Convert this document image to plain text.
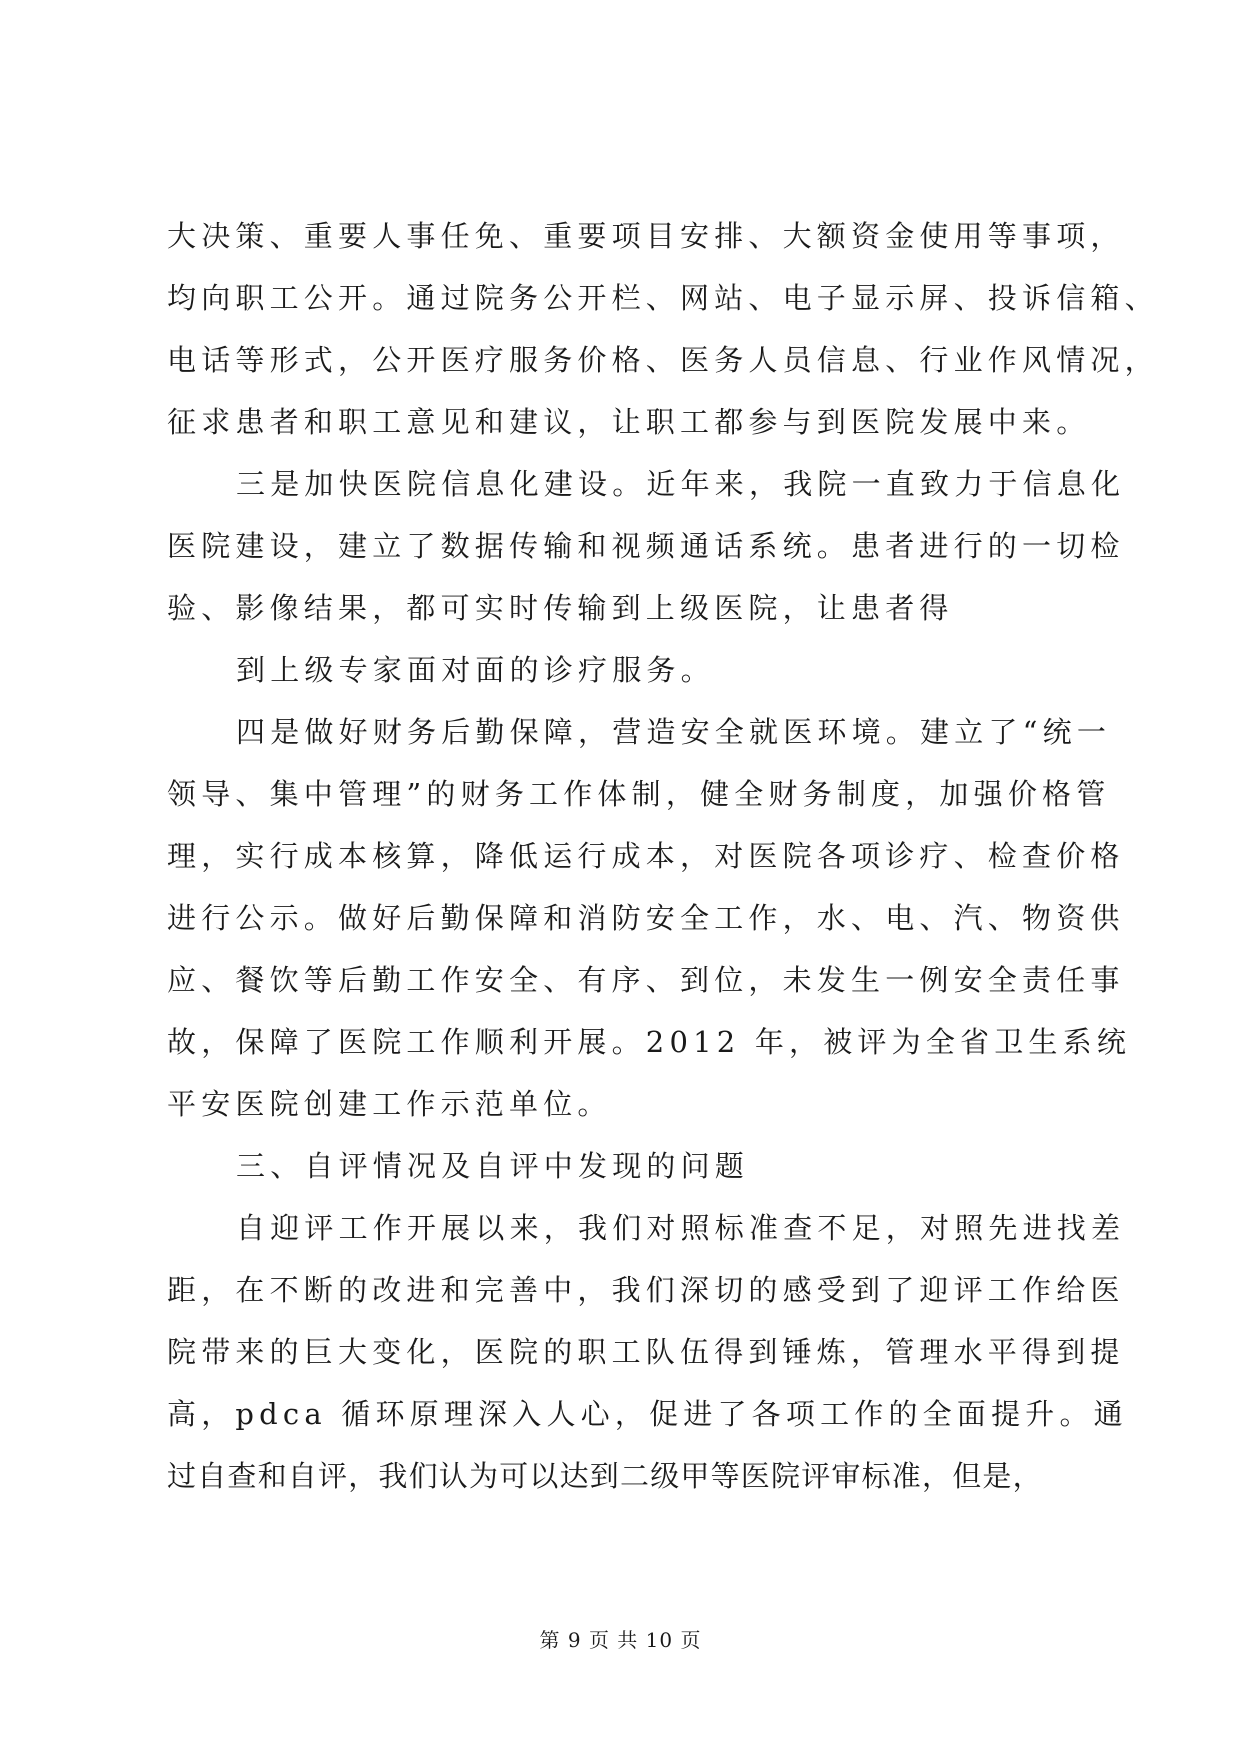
大决策、重要人事任免、重要项目安排、大额资金使用等事项，
均向职工公开。通过院务公开栏、网站、电子显示屏、投诉信箱、
电话等形式，公开医疗服务价格、医务人员信息、行业作风情况，
征求患者和职工意见和建议，让职工都参与到医院发展中来。
三是加快医院信息化建设。近年来，我院一直致力于信息化
医院建设，建立了数据传输和视频通话系统。患者进行的一切检
验、影像结果，都可实时传输到上级医院，让患者得
到上级专家面对面的诊疗服务。
四是做好财务后勤保障，营造安全就医环境。建立了“统一
领导、集中管理”的财务工作体制，健全财务制度，加强价格管
理，实行成本核算，降低运行成本，对医院各项诊疗、检查价格
进行公示。做好后勤保障和消防安全工作，水、电、汽、物资供
应、餐饮等后勤工作安全、有序、到位，未发生一例安全责任事
故，保障了医院工作顺利开展。2012 年，被评为全省卫生系统
平安医院创建工作示范单位。
三、自评情况及自评中发现的问题
自迎评工作开展以来，我们对照标准查不足，对照先进找差
距，在不断的改进和完善中，我们深切的感受到了迎评工作给医
院带来的巨大变化，医院的职工队伍得到锤炼，管理水平得到提
高，pdca 循环原理深入人心，促进了各项工作的全面提升。通
过自查和自评，我们认为可以达到二级甲等医院评审标准，但是，
第 9 页 共 10 页
